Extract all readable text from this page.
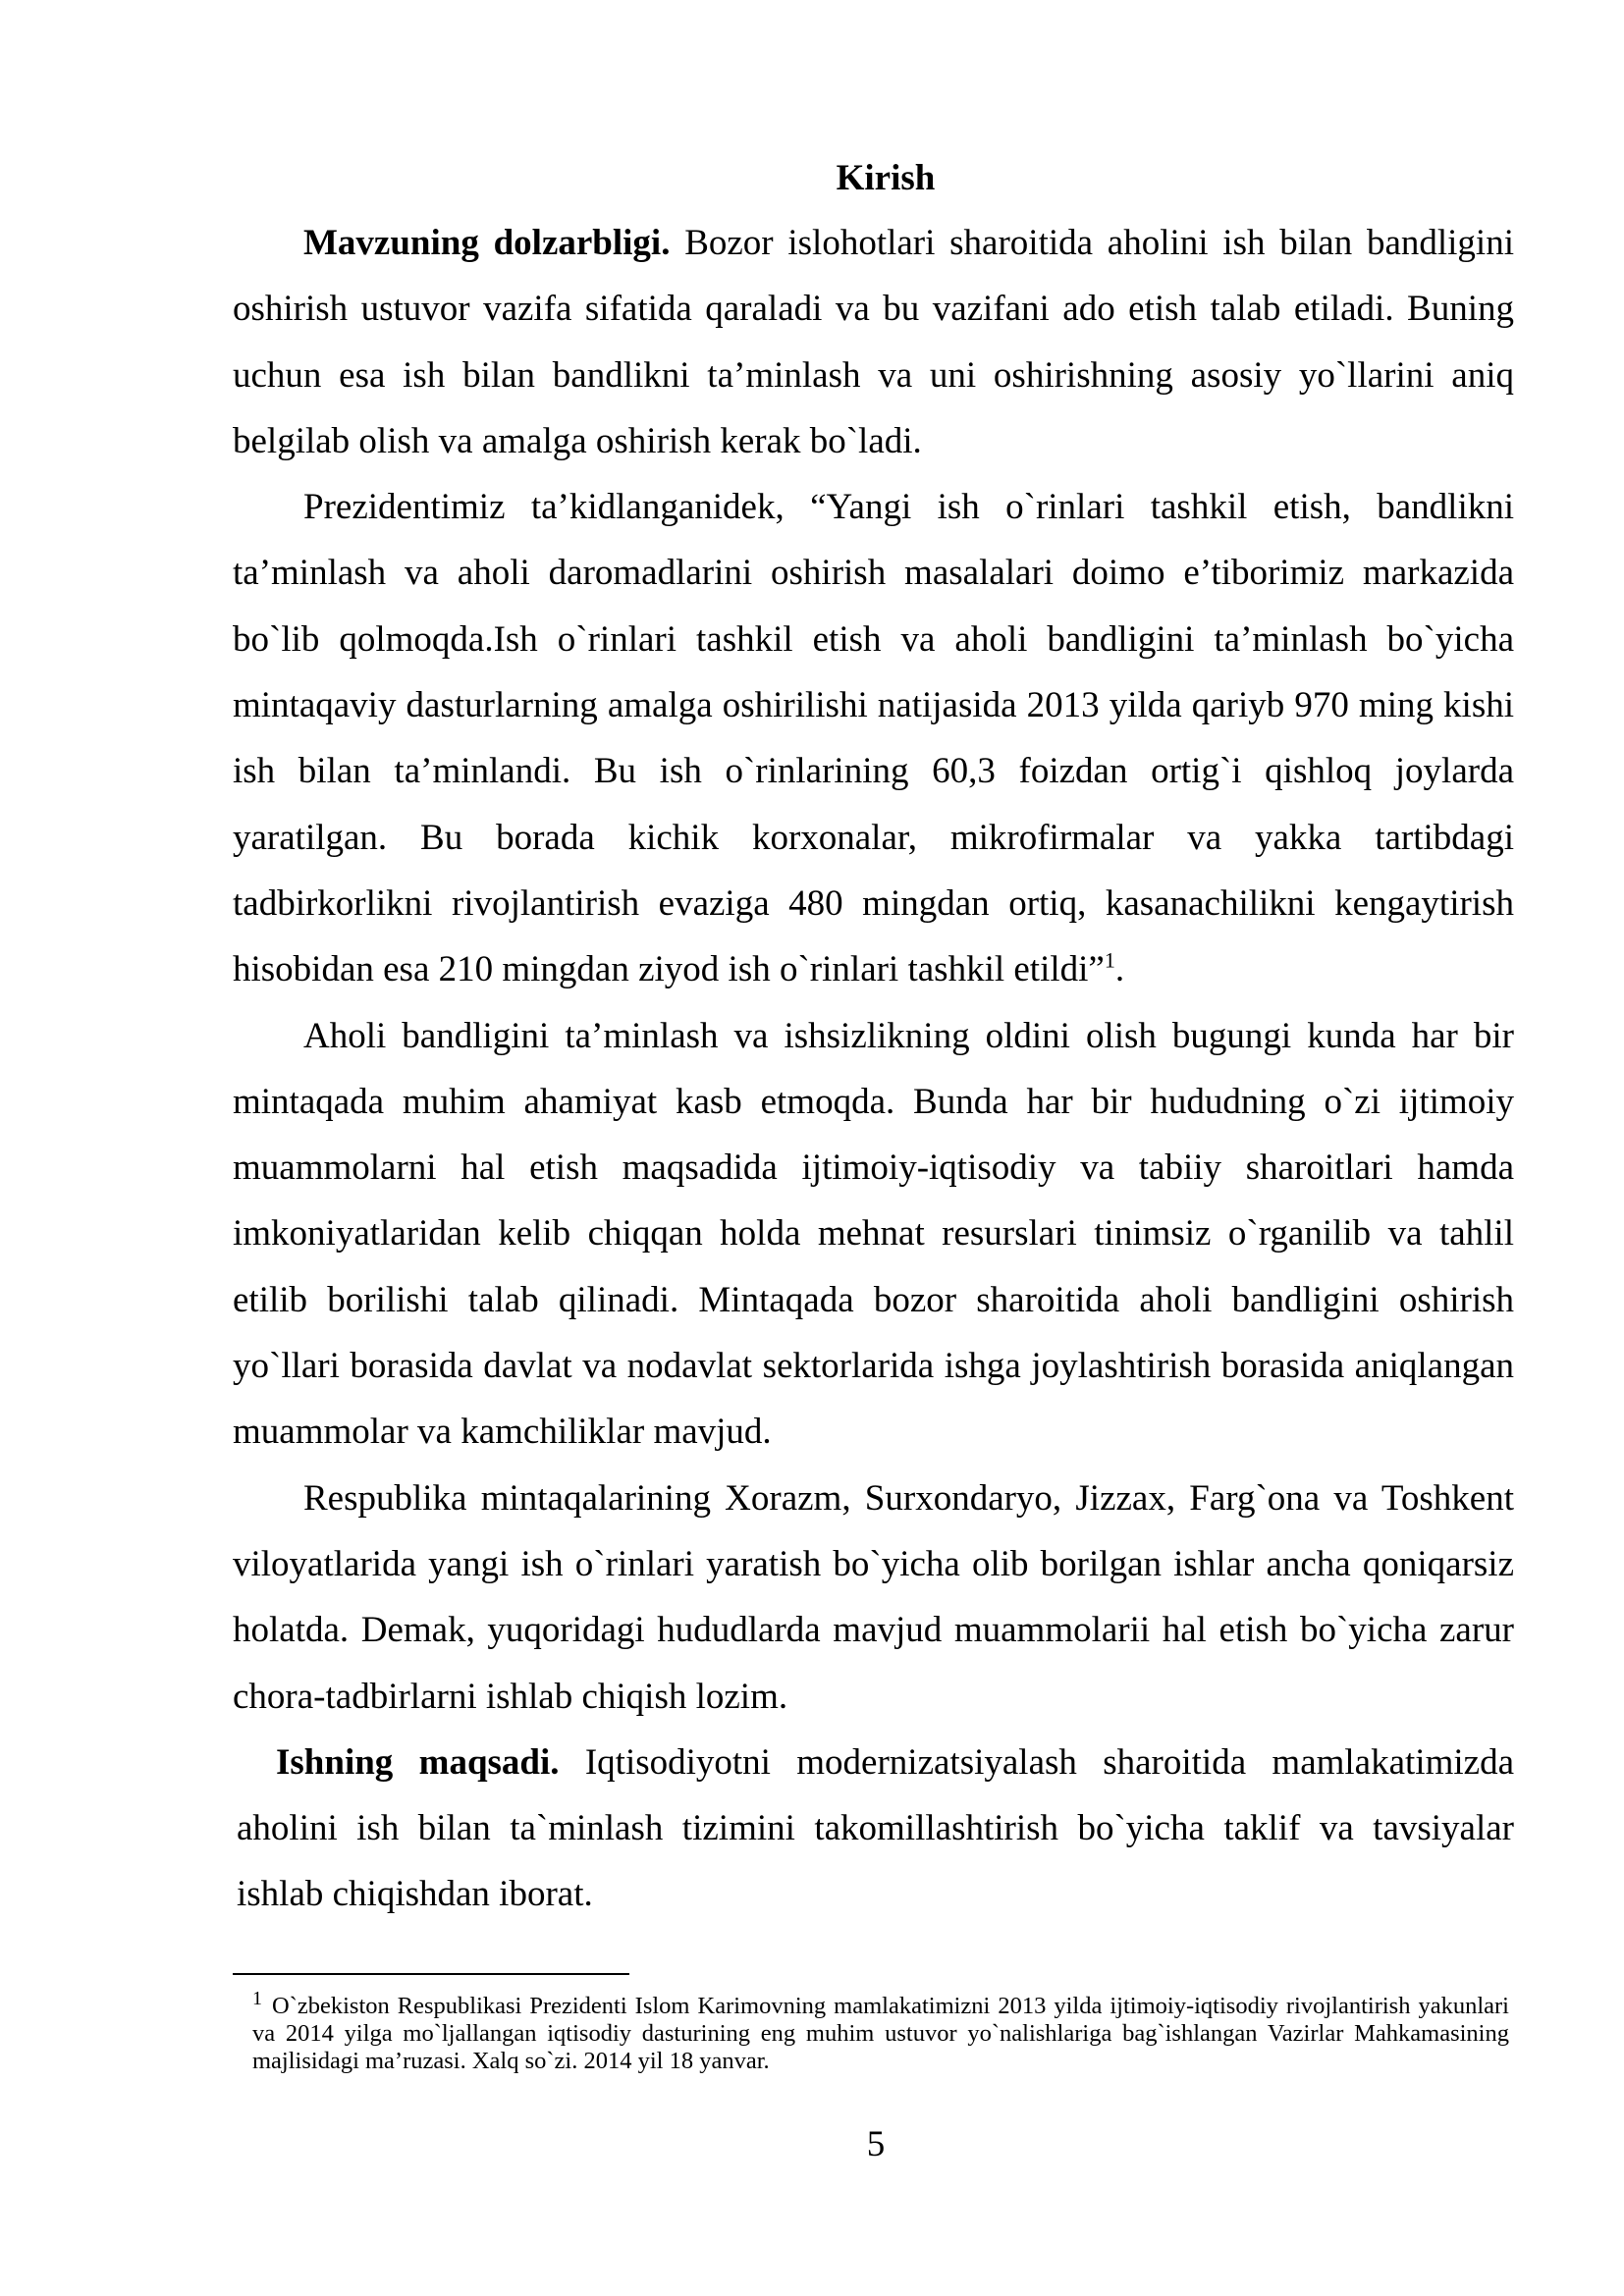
Kirish

Mavzuning dolzarbligi. Bozor islohotlari sharoitida aholini ish bilan bandligini oshirish ustuvor vazifa sifatida qaraladi va bu vazifani ado etish talab etiladi. Buning uchun esa ish bilan bandlikni ta’minlash va uni oshirishning asosiy yo`llarini aniq belgilab olish va amalga oshirish kerak bo`ladi.

Prezidentimiz ta’kidlanganidek, “Yangi ish o`rinlari tashkil etish, bandlikni ta’minlash va aholi daromadlarini oshirish masalalari doimo e’tiborimiz markazida bo`lib qolmoqda.Ish o`rinlari tashkil etish va aholi bandligini ta’minlash bo`yicha mintaqaviy dasturlarning amalga oshirilishi natijasida 2013 yilda qariyb 970 ming kishi ish bilan ta’minlandi. Bu ish o`rinlarining 60,3 foizdan ortig`i qishloq joylarda yaratilgan. Bu borada kichik korxonalar, mikrofirmalar va yakka tartibdagi tadbirkorlikni rivojlantirish evaziga 480 mingdan ortiq, kasanachilikni kengaytirish hisobidan esa 210 mingdan ziyod ish o`rinlari tashkil etildi”$^1$.

Aholi bandligini ta’minlash va ishsizlikning oldini olish bugungi kunda har bir mintaqada muhim ahamiyat kasb etmoqda. Bunda har bir hududning o`zi ijtimoiy muammolarni hal etish maqsadida ijtimoiy-iqtisodiy va tabiiy sharoitlari hamda imkoniyatlaridan kelib chiqqan holda mehnat resurslari tinimsiz o`rganilib va tahlil etilib borilishi talab qilinadi. Mintaqada bozor sharoitida aholi bandligini oshirish yo`llari borasida davlat va nodavlat sektorlarida ishga joylashtirish borasida aniqlangan muammolar va kamchiliklar mavjud.

Respublika mintaqalarining Xorazm, Surxondaryo, Jizzax, Farg`ona va Toshkent viloyatlarida yangi ish o`rinlari yaratish bo`yicha olib borilgan ishlar ancha qoniqarsiz holatda. Demak, yuqoridagi hududlarda mavjud muammolarii hal etish bo`yicha zarur chora-tadbirlarni ishlab chiqish lozim.

Ishning maqsadi. Iqtisodiyotni modernizatsiyalash sharoitida mamlakatimizda aholini ish bilan ta`minlash tizimini takomillashtirish bo`yicha taklif va tavsiyalar ishlab chiqishdan iborat.

$^1$ O`zbekiston Respublikasi Prezidenti Islom Karimovning mamlakatimizni 2013 yilda ijtimoiy-iqtisodiy rivojlantirish yakunlari va 2014 yilga mo`ljallangan iqtisodiy dasturining eng muhim ustuvor yo`nalishlariga bag`ishlangan Vazirlar Mahkamasining majlisidagi ma’ruzasi. Xalq so`zi. 2014 yil 18 yanvar.
5
